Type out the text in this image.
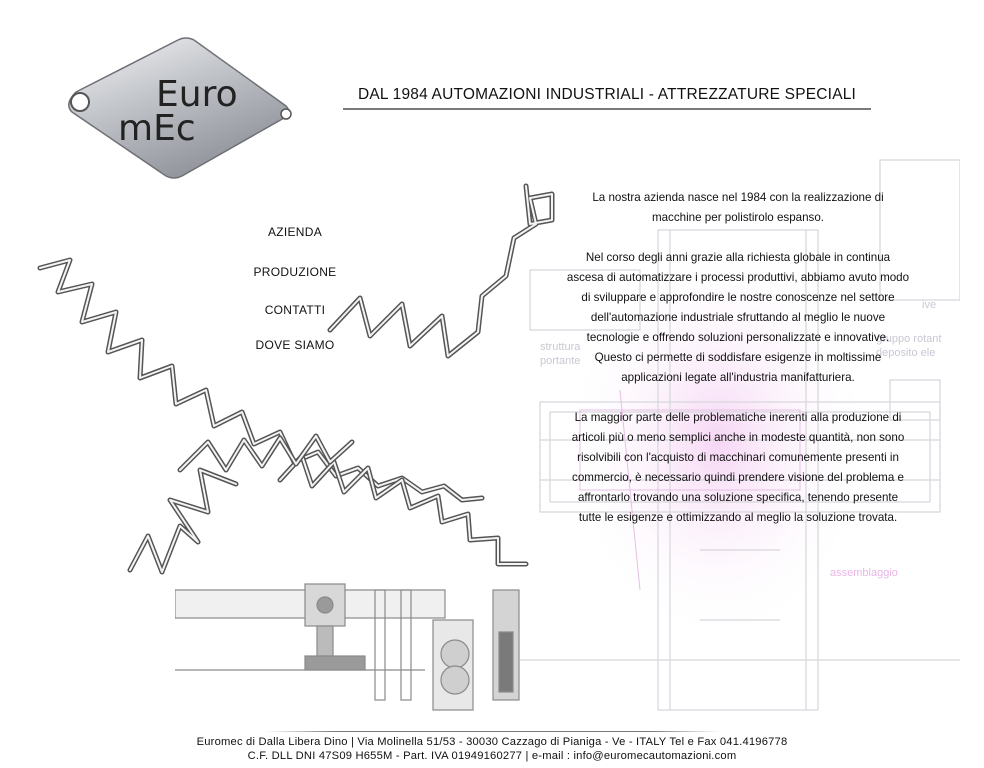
struttura
portante
gruppo rotant
deposito ele
ive
assemblaggio
Euro
mEc
DAL 1984 AUTOMAZIONI INDUSTRIALI - ATTREZZATURE SPECIALI
AZIENDA
PRODUZIONE
CONTATTI
DOVE SIAMO

La nostra azienda nasce nel 1984 con la realizzazione di macchine per polistirolo espanso.

Nel corso degli anni grazie alla richiesta globale in continua ascesa di automatizzare i processi produttivi, abbiamo avuto modo di sviluppare e approfondire le nostre conoscenze nel settore dell'automazione industriale sfruttando al meglio le nuove tecnologie e offrendo soluzioni personalizzate e innovative.

Questo ci permette di soddisfare esigenze in moltissime applicazioni legate all'industria manifatturiera.

La maggior parte delle problematiche inerenti alla produzione di articoli più o meno semplici anche in modeste quantità, non sono risolvibili con l'acquisto di macchinari comunemente presenti in commercio, è necessario quindi prendere visione del problema e affrontarlo trovando una soluzione specifica, tenendo presente tutte le esigenze e ottimizzando al meglio la soluzione trovata.

Euromec di Dalla Libera Dino | Via Molinella 51/53 - 30030 Cazzago di Pianiga - Ve - ITALY Tel e Fax 041.4196778
C.F. DLL DNI 47S09 H655M - Part. IVA 01949160277 | e-mail : info@euromecautomazioni.com
